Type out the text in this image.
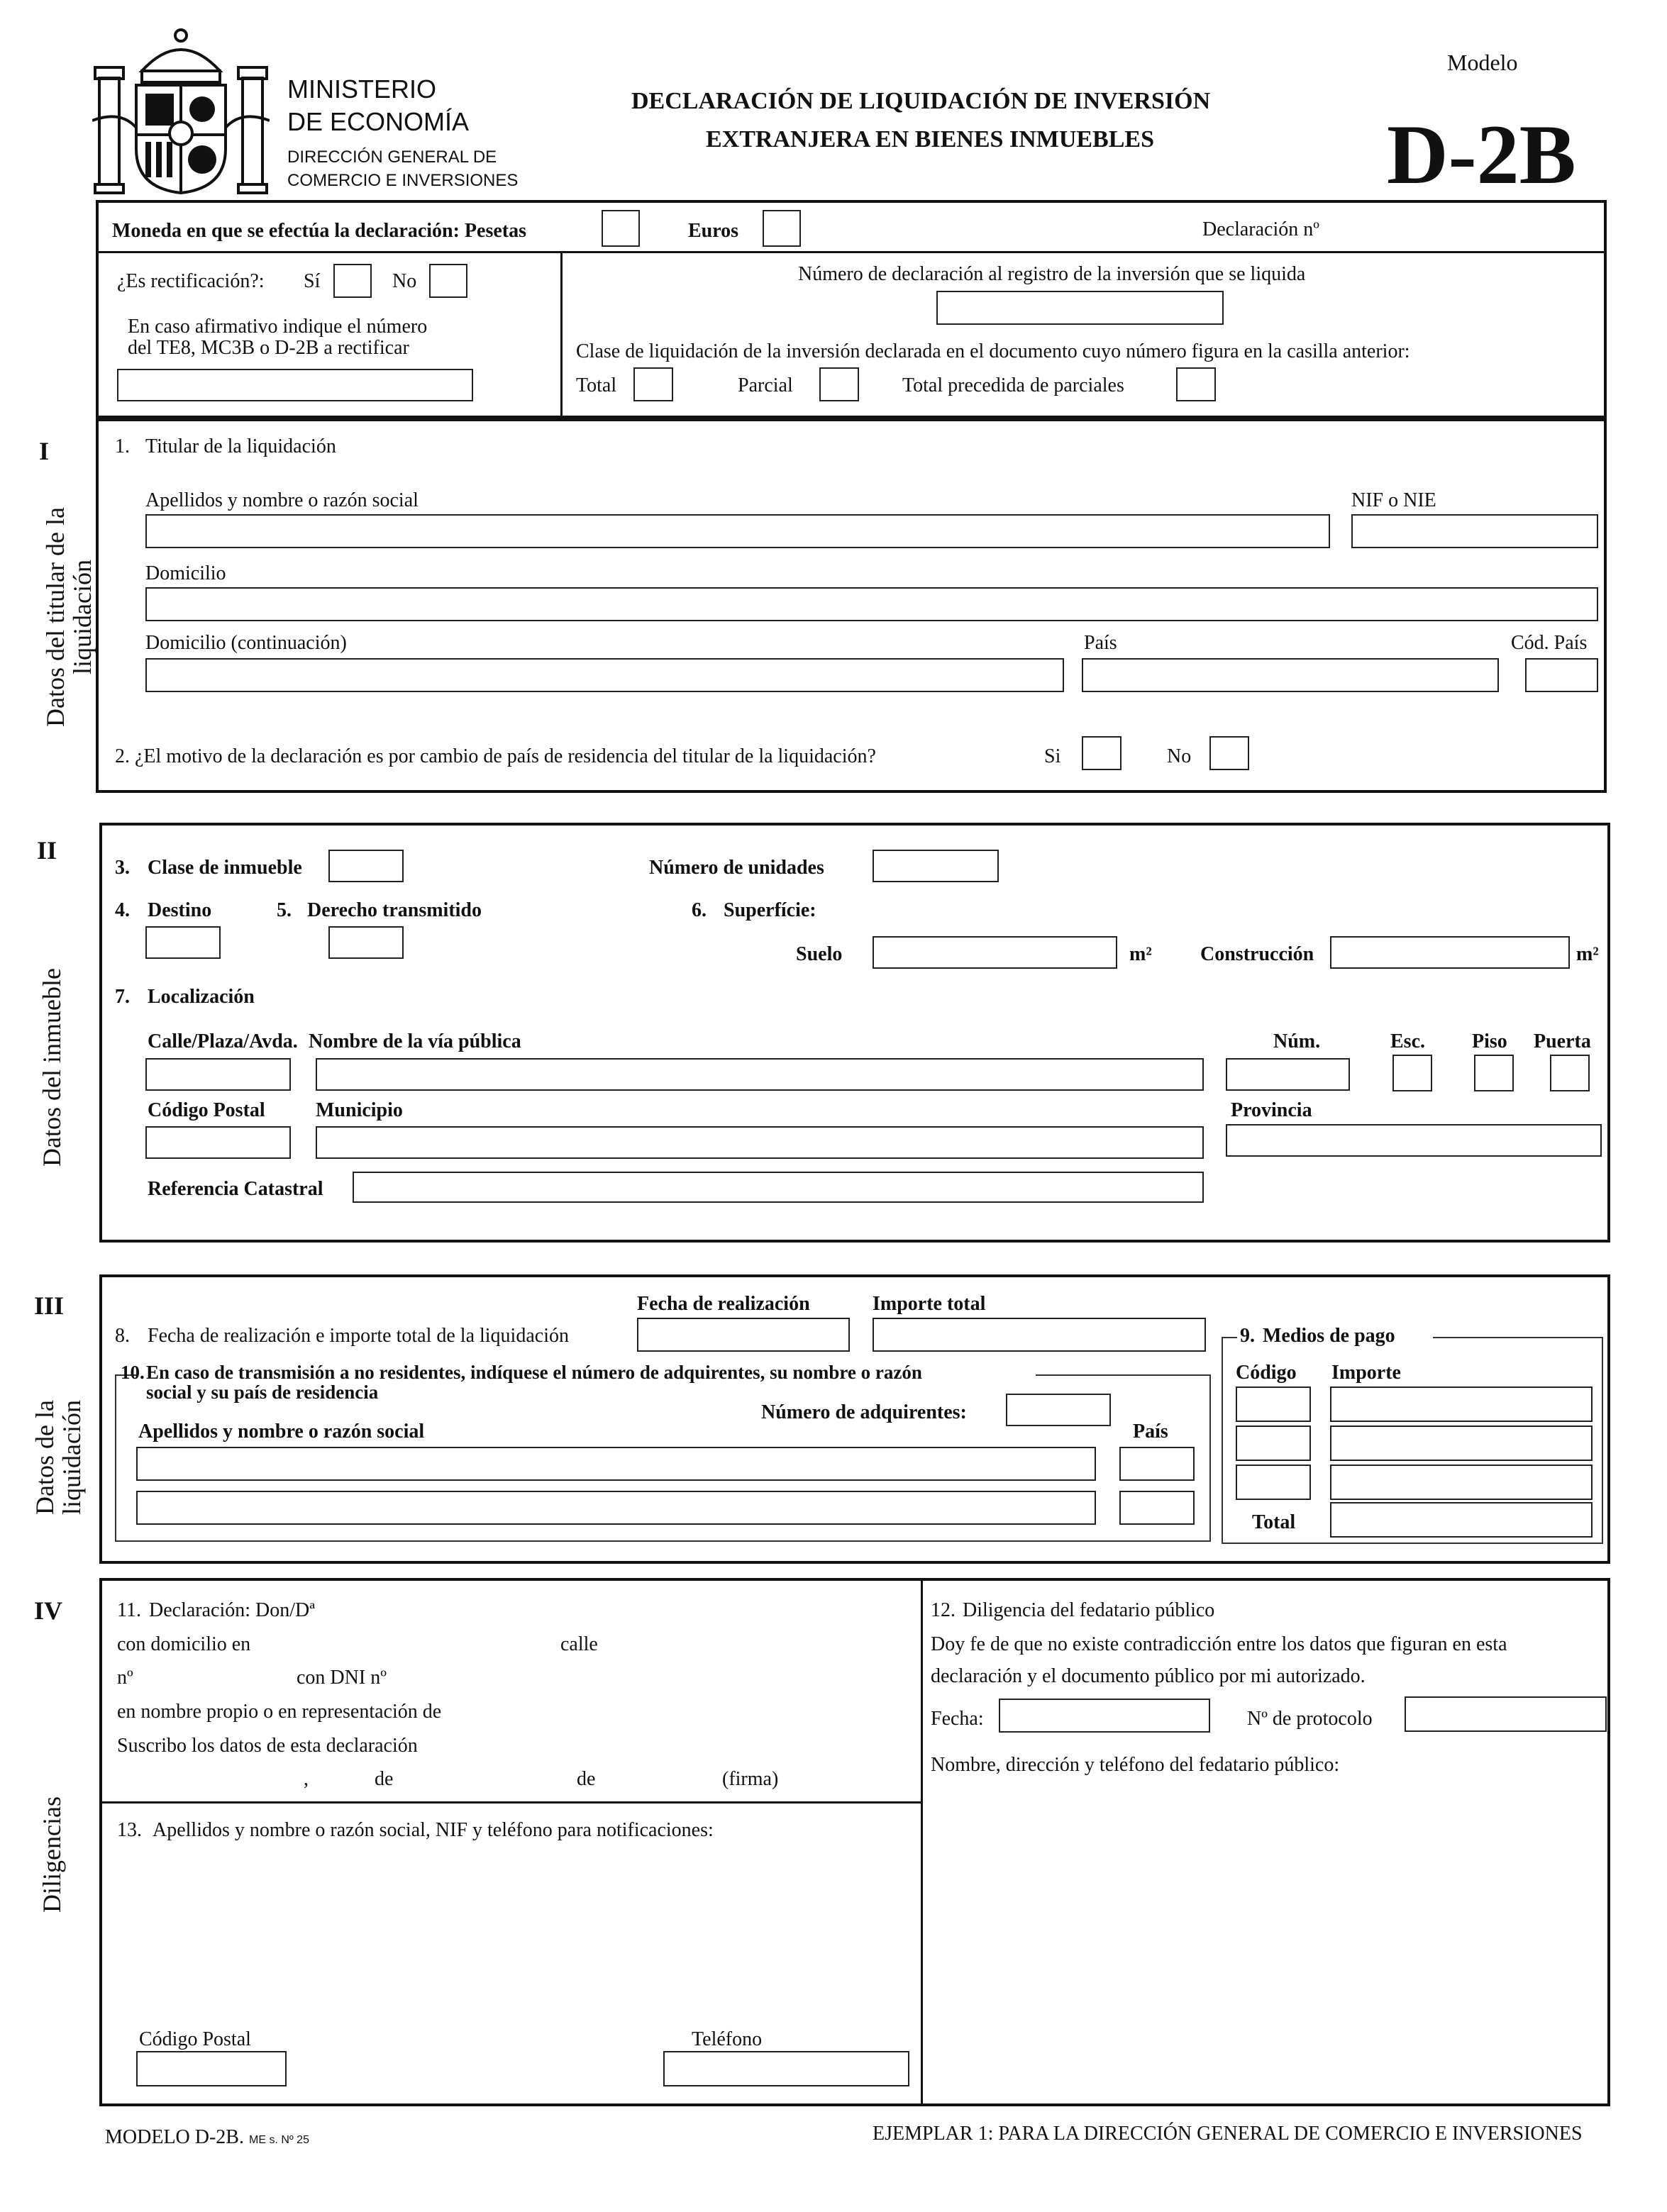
MINISTERIO
DE ECONOMÍA
DIRECCIÓN GENERAL DE
COMERCIO E INVERSIONES
DECLARACIÓN DE LIQUIDACIÓN DE INVERSIÓN
EXTRANJERA EN BIENES INMUEBLES
Modelo
D-2B
Moneda en que se efectúa la declaración: Pesetas	Euros	Declaración nº
¿Es rectificación?: Sí	No
En caso afirmativo indique el número
del TE8, MC3B o D-2B a rectificar
Número de declaración al registro de la inversión que se liquida
Clase de liquidación de la inversión declarada en el documento cuyo número figura en la casilla anterior:
Total	Parcial	Total precedida de parciales
I
Datos del titular de la
liquidación
1. Titular de la liquidación
Apellidos y nombre o razón social	NIF o NIE
Domicilio
Domicilio (continuación)	País	Cód. País
2. ¿El motivo de la declaración es por cambio de país de residencia del titular de la liquidación?	Si	No
II
Datos del inmueble
3. Clase de inmueble	Número de unidades
4. Destino	5. Derecho transmitido	6. Superfície:
Suelo	m² Construcción	m²
7. Localización
Calle/Plaza/Avda. Nombre de la vía pública	Núm.	Esc. Piso Puerta
Código Postal	Municipio	Provincia
Referencia Catastral
III
Datos de la
liquidación
Fecha de realización	Importe total
8. Fecha de realización e importe total de la liquidación
10. En caso de transmisión a no residentes, indíquese el número de adquirentes, su nombre o razón
social y su país de residencia
Número de adquirentes:
Apellidos y nombre o razón social	País
9. Medios de pago
Código Importe
Total
IV
Diligencias
11. Declaración: Don/Dª
con domicilio en	calle
nº	con DNI nº
en nombre propio o en representación de
Suscribo los datos de esta declaración
,	de	de	(firma)
13. Apellidos y nombre o razón social, NIF y teléfono para notificaciones:
Código Postal	Teléfono
12. Diligencia del fedatario público
Doy fe de que no existe contradicción entre los datos que figuran en esta
declaración y el documento público por mi autorizado.
Fecha:	Nº de protocolo
Nombre, dirección y teléfono del fedatario público:
MODELO D-2B. ME s. Nº 25	EJEMPLAR 1: PARA LA DIRECCIÓN GENERAL DE COMERCIO E INVERSIONES
